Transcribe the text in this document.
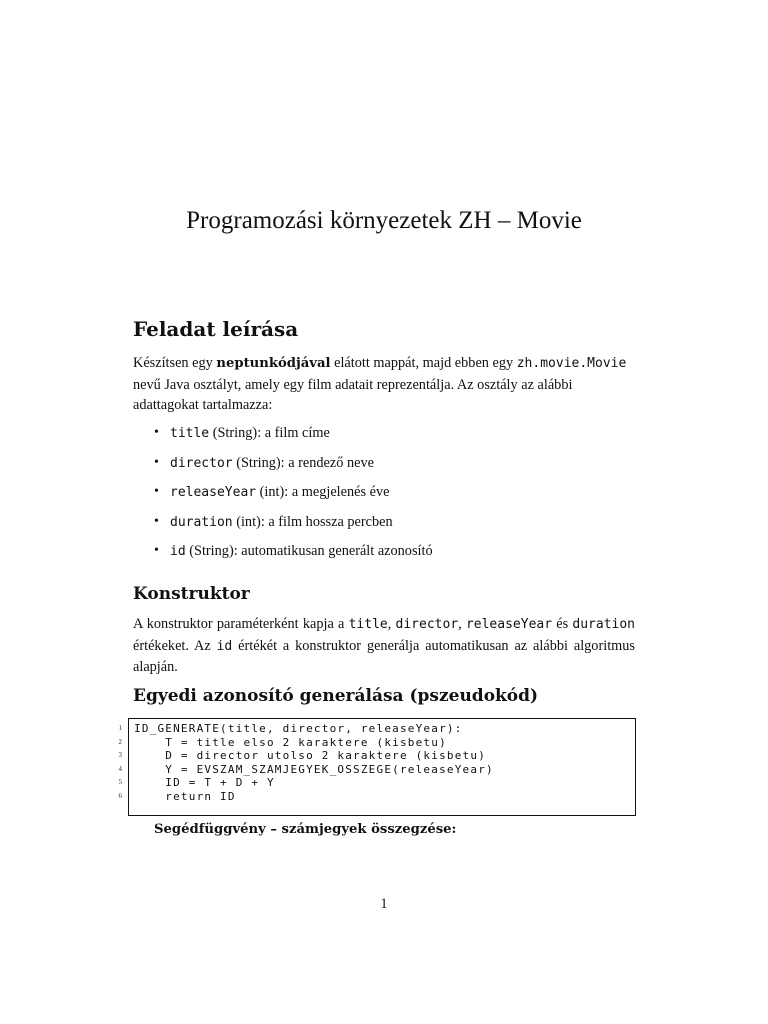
Programozási környezetek ZH – Movie
Feladat leírása

Készítsen egy neptunkódjával elátott mappát, majd ebben egy zh.movie.Movie
nevű Java osztályt, amely egy film adatait reprezentálja. Az osztály az alábbi
adattagokat tartalmazza:

• title (String): a film címe
• director (String): a rendező neve
• releaseYear (int): a megjelenés éve
• duration (int): a film hossza percben
• id (String): automatikusan generált azonosító
Konstruktor

A konstruktor paraméterként kapja a title, director, releaseYear és duration értékeket. Az id értékét a konstruktor generálja automatikusan az alábbi algoritmus alapján.

Egyedi azonosító generálása (pszeudokód)
1
2
3
4
5
6
ID_GENERATE(title, director, releaseYear):
T = title elso 2 karaktere (kisbetu)
D = director utolso 2 karaktere (kisbetu)
Y = EVSZAM_SZAMJEGYEK_OSSZEGE(releaseYear)
ID = T + D + Y
return ID

Segédfüggvény – számjegyek összegzése:

1
